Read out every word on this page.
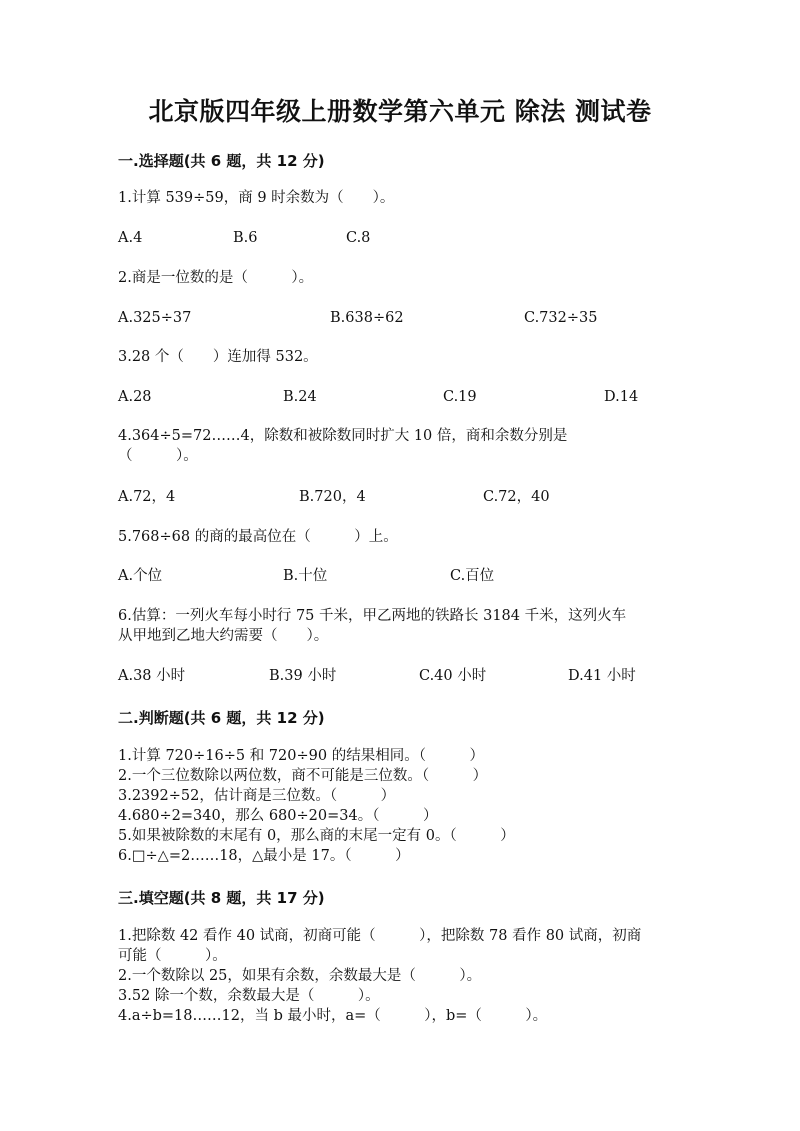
北京版四年级上册数学第六单元 除法 测试卷
一.选择题(共 6 题，共 12 分)
1.计算 539÷59，商 9 时余数为（　　）。
A.4	B.6	C.8
2.商是一位数的是（　　　）。
A.325÷37	B.638÷62	C.732÷35
3.28 个（　　）连加得 532。
A.28	B.24	C.19	D.14
4.364÷5=72……4，除数和被除数同时扩大 10 倍，商和余数分别是
（　　　）。
A.72，4	B.720，4	C.72，40
5.768÷68 的商的最高位在（　　　）上。
A.个位	B.十位	C.百位
6.估算：一列火车每小时行 75 千米，甲乙两地的铁路长 3184 千米，这列火车
从甲地到乙地大约需要（　　）。
A.38 小时	B.39 小时	C.40 小时	D.41 小时
二.判断题(共 6 题，共 12 分)
1.计算 720÷16÷5 和 720÷90 的结果相同。（　　　）
2.一个三位数除以两位数，商不可能是三位数。（　　　）
3.2392÷52，估计商是三位数。（　　　）
4.680÷2=340，那么 680÷20=34。（　　　）
5.如果被除数的末尾有 0，那么商的末尾一定有 0。（　　　）
6.□÷△=2……18，△最小是 17。（　　　）
三.填空题(共 8 题，共 17 分)
1.把除数 42 看作 40 试商，初商可能（　　　），把除数 78 看作 80 试商，初商
可能（　　　）。
2.一个数除以 25，如果有余数，余数最大是（　　　）。
3.52 除一个数，余数最大是（　　　）。
4.a÷b=18……12，当 b 最小时，a=（　　　），b=（　　　）。
